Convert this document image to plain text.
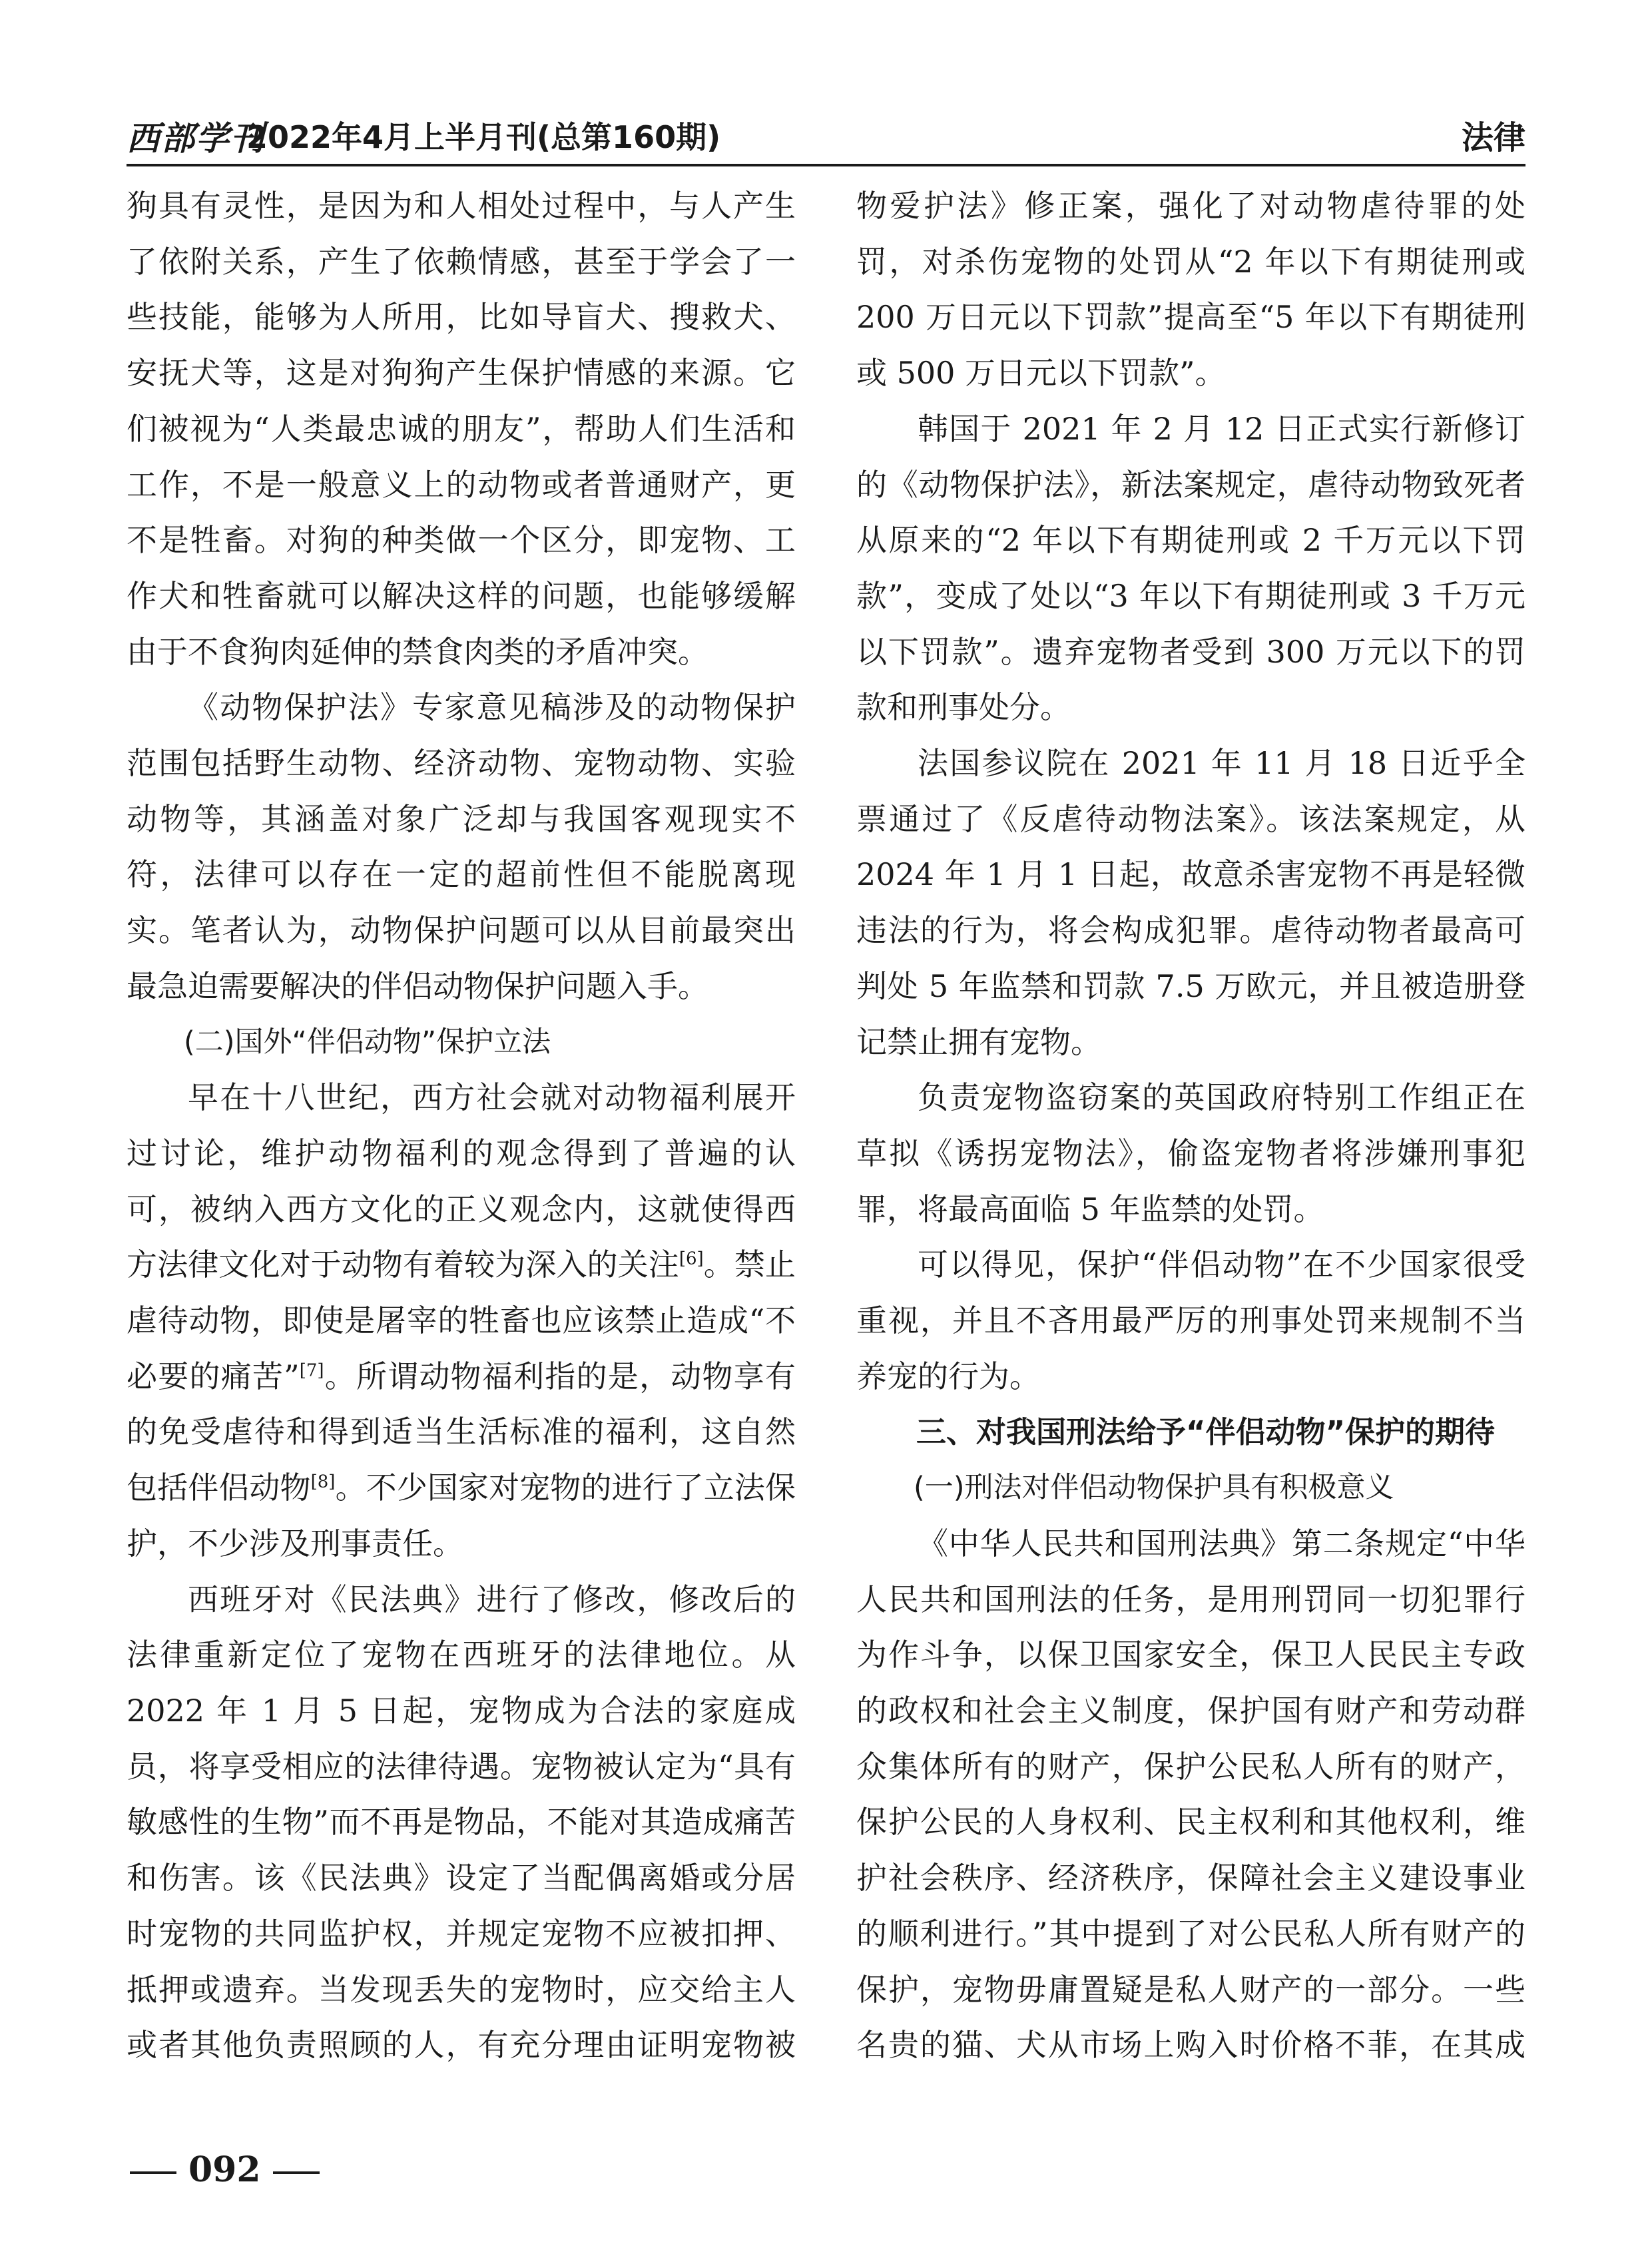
西部学刊
2022年4月上半月刊(总第160期)	法律

狗具有灵性，是因为和人相处过程中，与人产生了依附关系，产生了依赖情感，甚至于学会了一些技能，能够为人所用，比如导盲犬、搜救犬、安抚犬等，这是对狗狗产生保护情感的来源。它们被视为“人类最忠诚的朋友”，帮助人们生活和工作，不是一般意义上的动物或者普通财产，更不是牲畜。对狗的种类做一个区分，即宠物、工作犬和牲畜就可以解决这样的问题，也能够缓解由于不食狗肉延伸的禁食肉类的矛盾冲突。

《动物保护法》专家意见稿涉及的动物保护范围包括野生动物、经济动物、宠物动物、实验动物等，其涵盖对象广泛却与我国客观现实不符，法律可以存在一定的超前性但不能脱离现实。笔者认为，动物保护问题可以从目前最突出最急迫需要解决的伴侣动物保护问题入手。

(二)国外“伴侣动物”保护立法

早在十八世纪，西方社会就对动物福利展开过讨论，维护动物福利的观念得到了普遍的认可，被纳入西方文化的正义观念内，这就使得西方法律文化对于动物有着较为深入的关注[6]。禁止虐待动物，即使是屠宰的牲畜也应该禁止造成“不必要的痛苦”[7]。所谓动物福利指的是，动物享有的免受虐待和得到适当生活标准的福利，这自然包括伴侣动物[8]。不少国家对宠物的进行了立法保护，不少涉及刑事责任。

西班牙对《民法典》进行了修改，修改后的法律重新定位了宠物在西班牙的法律地位。从 2022 年 1 月 5 日起，宠物成为合法的家庭成员，将享受相应的法律待遇。宠物被认定为“具有敏感性的生物”而不再是物品，不能对其造成痛苦和伤害。该《民法典》设定了当配偶离婚或分居时宠物的共同监护权，并规定宠物不应被扣押、抵押或遗弃。当发现丢失的宠物时，应交给主人或者其他负责照顾的人，有充分理由证明宠物被

物爱护法》修正案，强化了对动物虐待罪的处罚，对杀伤宠物的处罚从“2 年以下有期徒刑或 200 万日元以下罚款”提高至“5 年以下有期徒刑或 500 万日元以下罚款”。

韩国于 2021 年 2 月 12 日正式实行新修订的《动物保护法》，新法案规定，虐待动物致死者从原来的“2 年以下有期徒刑或 2 千万元以下罚款”，变成了处以“3 年以下有期徒刑或 3 千万元以下罚款”。遗弃宠物者受到 300 万元以下的罚款和刑事处分。

法国参议院在 2021 年 11 月 18 日近乎全票通过了《反虐待动物法案》。该法案规定，从 2024 年 1 月 1 日起，故意杀害宠物不再是轻微违法的行为，将会构成犯罪。虐待动物者最高可判处 5 年监禁和罚款 7.5 万欧元，并且被造册登记禁止拥有宠物。

负责宠物盗窃案的英国政府特别工作组正在草拟《诱拐宠物法》，偷盗宠物者将涉嫌刑事犯罪，将最高面临 5 年监禁的处罚。

可以得见，保护“伴侣动物”在不少国家很受重视，并且不吝用最严厉的刑事处罚来规制不当养宠的行为。

三、对我国刑法给予“伴侣动物”保护的期待

(一)刑法对伴侣动物保护具有积极意义

《中华人民共和国刑法典》第二条规定“中华人民共和国刑法的任务，是用刑罚同一切犯罪行为作斗争，以保卫国家安全，保卫人民民主专政的政权和社会主义制度，保护国有财产和劳动群众集体所有的财产，保护公民私人所有的财产，保护公民的人身权利、民主权利和其他权利，维护社会秩序、经济秩序，保障社会主义建设事业的顺利进行。”其中提到了对公民私人所有财产的保护，宠物毋庸置疑是私人财产的一部分。一些名贵的猫、犬从市场上购入时价格不菲，在其成

092
